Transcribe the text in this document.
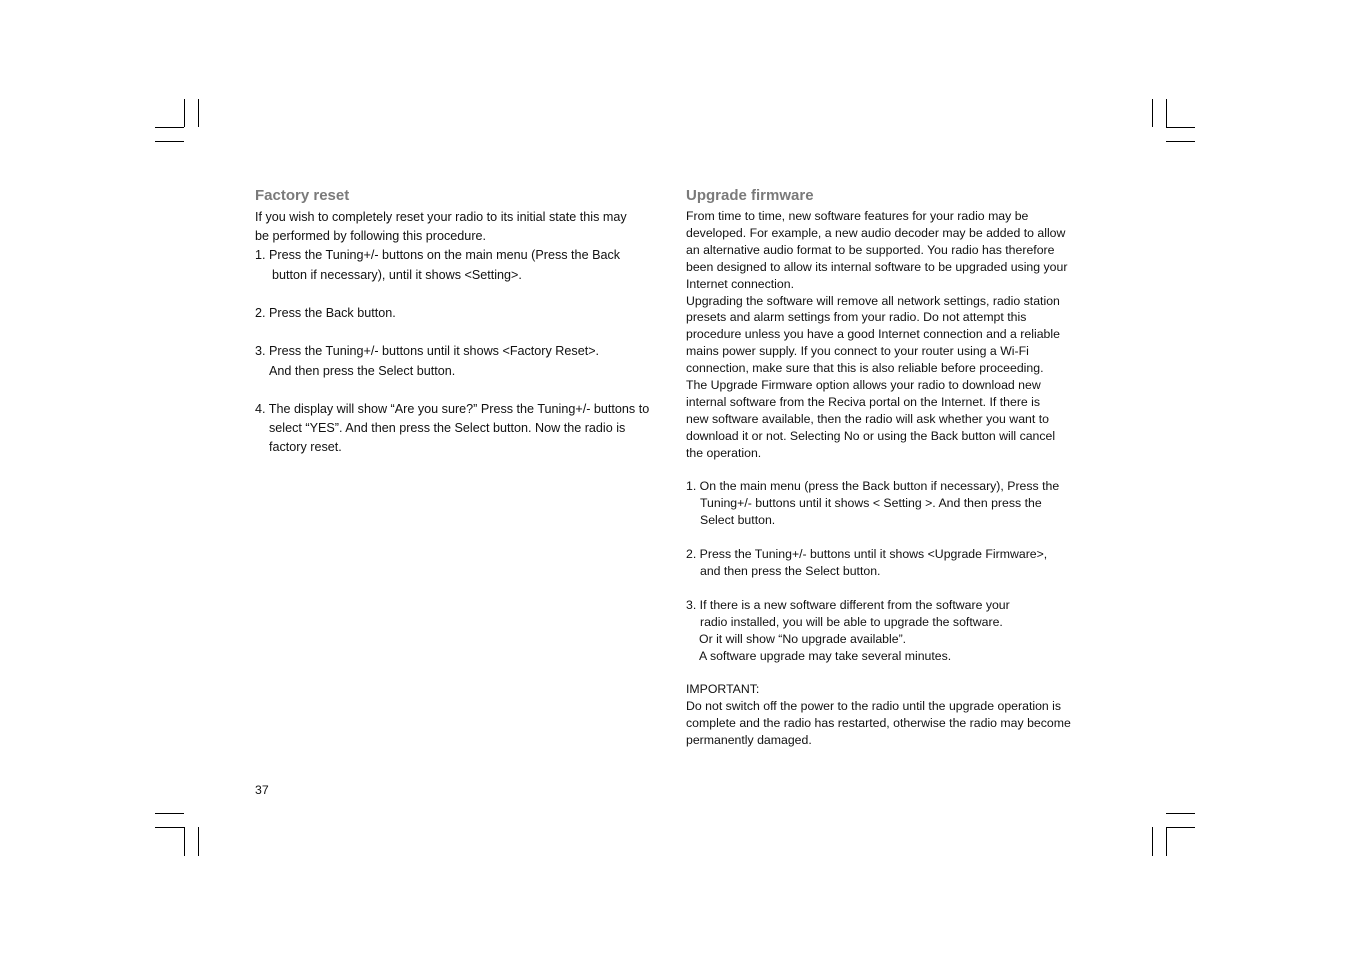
Factory reset
If you wish to completely reset your radio to its initial state this may
be performed by following this procedure.
1. Press the Tuning+/- buttons on the main menu (Press the Back
button if necessary), until it shows <Setting>.
2. Press the Back button.
3. Press the Tuning+/- buttons until it shows <Factory Reset>.
And then press the Select button.
4. The display will show “Are you sure?” Press the Tuning+/- buttons to
select “YES”. And then press the Select button. Now the radio is
factory reset.
Upgrade firmware
From time to time, new software features for your radio may be
developed. For example, a new audio decoder may be added to allow
an alternative audio format to be supported. You radio has therefore
been designed to allow its internal software to be upgraded using your
Internet connection.
Upgrading the software will remove all network settings, radio station
presets and alarm settings from your radio. Do not attempt this
procedure unless you have a good Internet connection and a reliable
mains power supply. If you connect to your router using a Wi-Fi
connection, make sure that this is also reliable before proceeding.
The Upgrade Firmware option allows your radio to download new
internal software from the Reciva portal on the Internet. If there is
new software available, then the radio will ask whether you want to
download it or not. Selecting No or using the Back button will cancel
the operation.
1. On the main menu (press the Back button if necessary), Press the
Tuning+/- buttons until it shows < Setting >. And then press the
Select button.
2. Press the Tuning+/- buttons until it shows <Upgrade Firmware>,
and then press the Select button.
3. If there is a new software different from the software your
radio installed, you will be able to upgrade the software.
Or it will show “No upgrade available”.
A software upgrade may take several minutes.
IMPORTANT:
Do not switch off the power to the radio until the upgrade operation is
complete and the radio has restarted, otherwise the radio may become
permanently damaged.
37
